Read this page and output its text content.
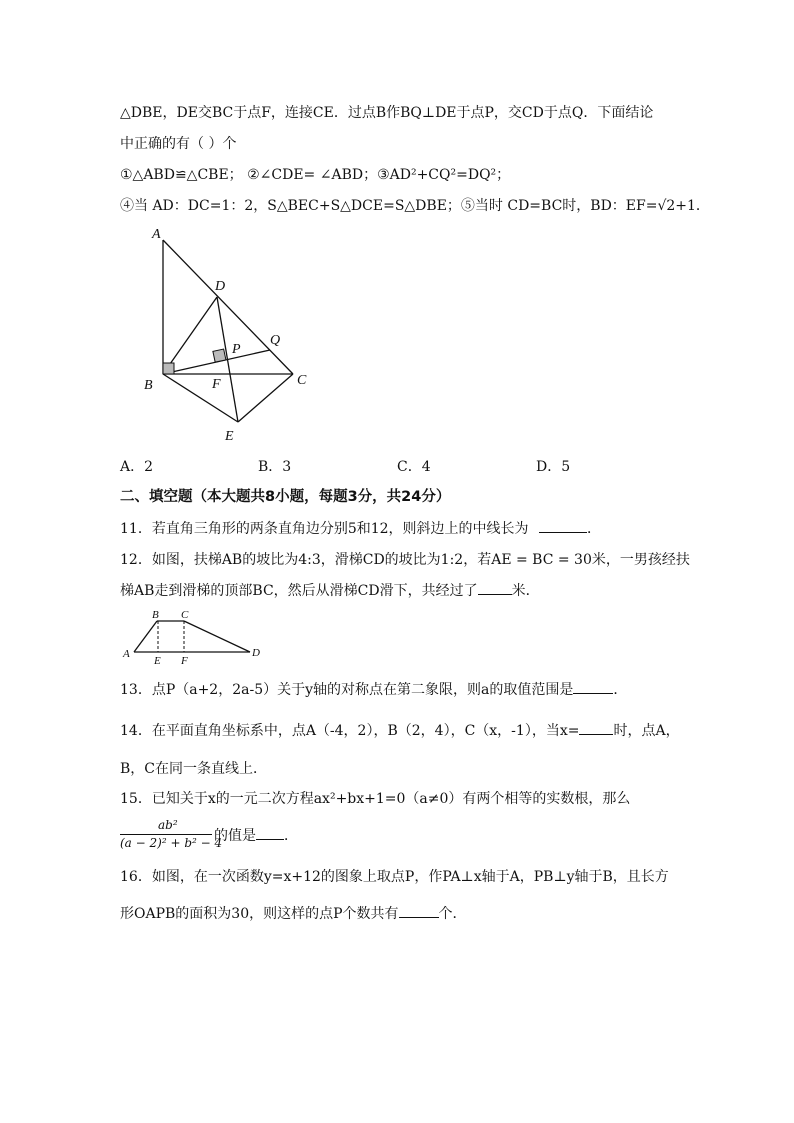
△DBE，DE交BC于点F，连接CE．过点B作BQ⊥DE于点P，交CD于点Q．下面结论
中正确的有（ ）个
①△ABD≌△CBE； ②∠CDE= ∠ABD；③AD²+CQ²=DQ²；
④当 AD：DC=1：2，S△BEC+S△DCE=S△DBE；⑤当时 CD=BC时，BD：EF=√2+1．
A
D
Q
P
B	F	C
E
A．2	B．3	C．4	D．5
二、填空题（本大题共8小题，每题3分，共24分）
11．若直角三角形的两条直角边分别5和12，则斜边上的中线长为	．
12．如图，扶梯AB的坡比为4:3，滑梯CD的坡比为1:2，若AE = BC = 30米，一男孩经扶
梯AB走到滑梯的顶部BC，然后从滑梯CD滑下，共经过了 米．
A
B C
D
E F
13．点P（a+2，2a-5）关于y轴的对称点在第二象限，则a的取值范围是	．
14．在平面直角坐标系中，点A（-4，2），B（2，4），C（x，-1），当x= 时，点A，
B，C在同一条直线上．
15．已知关于x的一元二次方程ax²+bx+1=0（a≠0）有两个相等的实数根，那么
ab²
(a − 2)² + b² − 4
的值是 ．
16．如图，在一次函数y=x+12的图象上取点P，作PA⊥x轴于A，PB⊥y轴于B，且长方
形OAPB的面积为30，则这样的点P个数共有	个．
